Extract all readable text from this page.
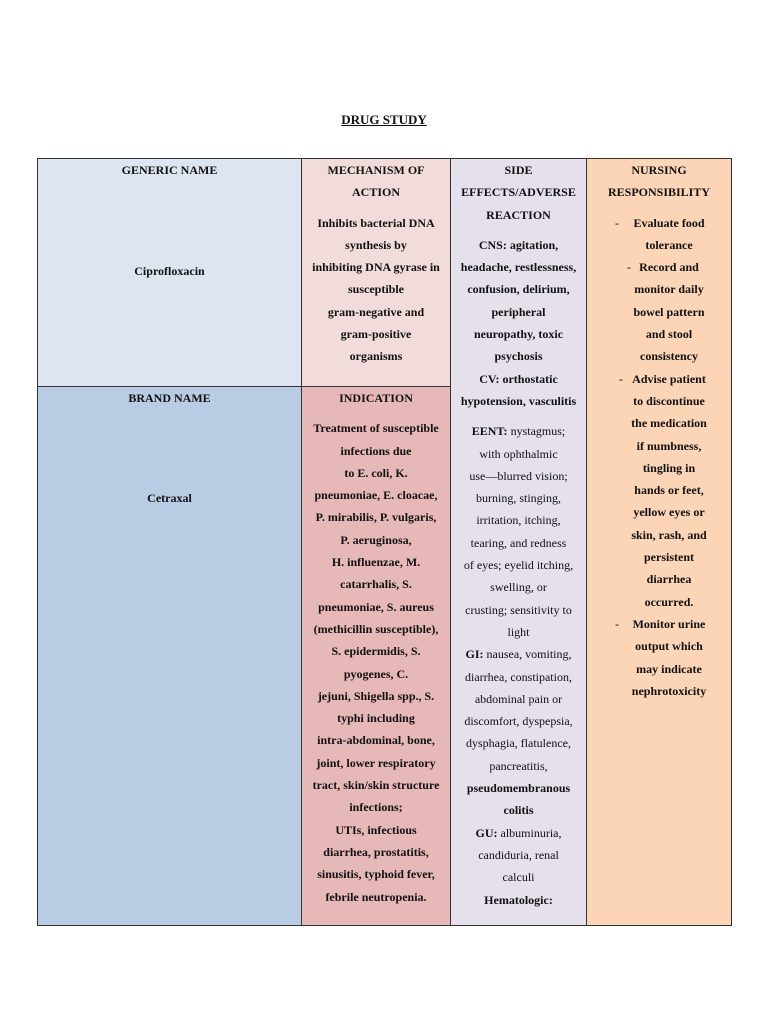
DRUG STUDY
GENERIC NAME
Ciprofloxacin
BRAND NAME
Cetraxal
MECHANISM OF
ACTION
Inhibits bacterial DNA
synthesis by
inhibiting DNA gyrase in
susceptible
gram-negative and
gram-positive
organisms
INDICATION
Treatment of susceptible
infections due
to E. coli, K.
pneumoniae, E. cloacae,
P. mirabilis, P. vulgaris,
P. aeruginosa,
H. influenzae, M.
catarrhalis, S.
pneumoniae, S. aureus
(methicillin susceptible),
S. epidermidis, S.
pyogenes, C.
jejuni, Shigella spp., S.
typhi including
intra-abdominal, bone,
joint, lower respiratory
tract, skin/skin structure
infections;
UTIs, infectious
diarrhea, prostatitis,
sinusitis, typhoid fever,
febrile neutropenia.
SIDE
EFFECTS/ADVERSE
REACTION
CNS: agitation,
headache, restlessness,
confusion, delirium,
peripheral
neuropathy, toxic
psychosis
CV: orthostatic
hypotension, vasculitis
EENT: nystagmus;
with ophthalmic
use—blurred vision;
burning, stinging,
irritation, itching,
tearing, and redness
of eyes; eyelid itching,
swelling, or
crusting; sensitivity to
light
GI: nausea, vomiting,
diarrhea, constipation,
abdominal pain or
discomfort, dyspepsia,
dysphagia, flatulence,
pancreatitis,
pseudomembranous
colitis
GU: albuminuria,
candiduria, renal
calculi
Hematologic:
NURSING
RESPONSIBILITY
-	Evaluate food
tolerance
- Record and
monitor daily
bowel pattern
and stool
consistency
- Advise patient
to discontinue
the medication
if numbness,
tingling in
hands or feet,
yellow eyes or
skin, rash, and
persistent
diarrhea
occurred.
-	Monitor urine
output which
may indicate
nephrotoxicity
